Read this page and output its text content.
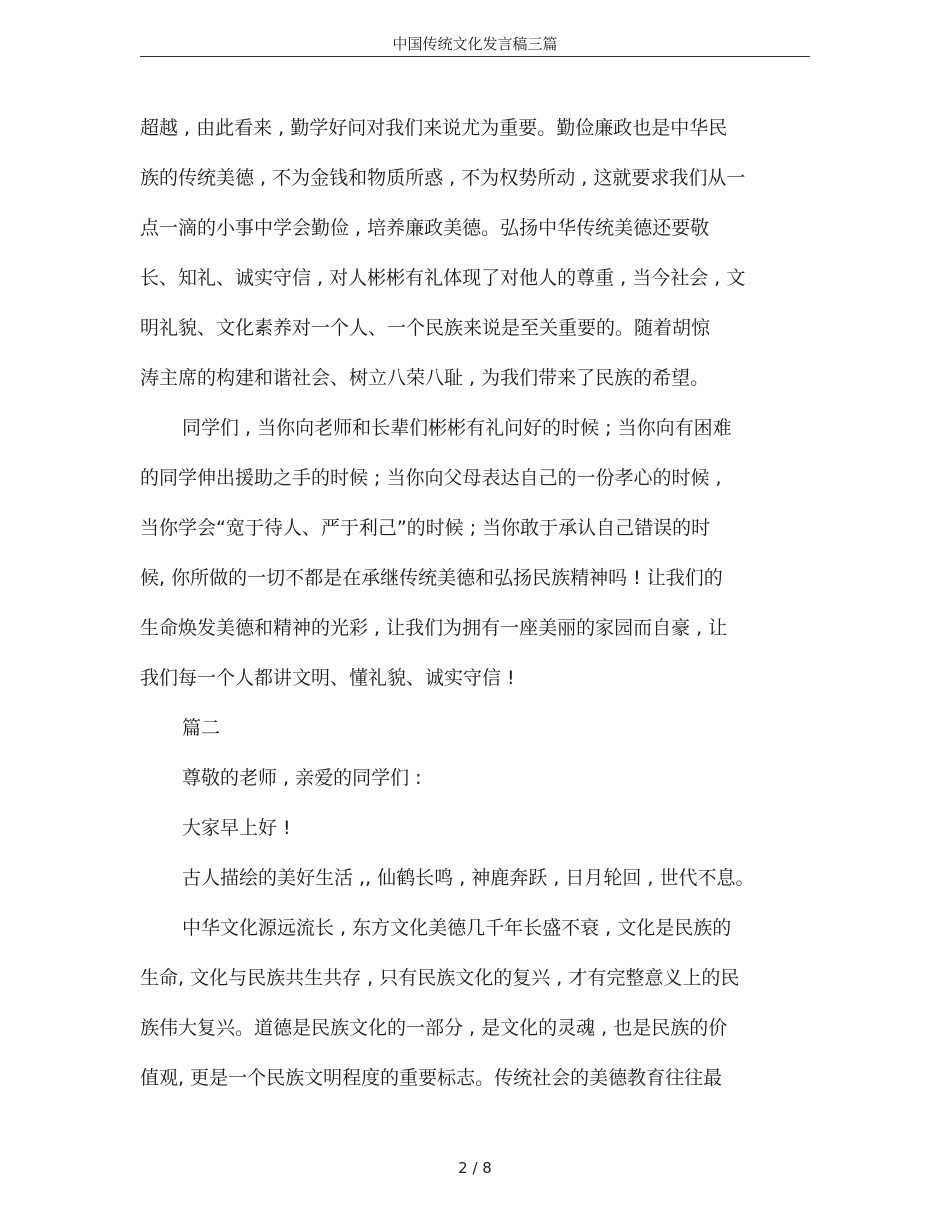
中国传统文化发言稿三篇
超越 , 由此看来 , 勤学好问对我们来说尤为重要。勤俭廉政也是中华民
族的传统美德 , 不为金钱和物质所惑 , 不为权势所动 , 这就要求我们从一
点一滴的小事中学会勤俭 , 培养廉政美德。弘扬中华传统美德还要敬
长、知礼、诚实守信 , 对人彬彬有礼体现了对他人的尊重 , 当今社会 , 文
明礼貌、文化素养对一个人、一个民族来说是至关重要的。随着胡惊
涛主席的构建和谐社会、树立八荣八耻 , 为我们带来了民族的希望。
同学们 , 当你向老师和长辈们彬彬有礼问好的时候 ; 当你向有困难
的同学伸出援助之手的时候 ; 当你向父母表达自己的一份孝心的时候 ,
当你学会“宽于待人、严于利己”的时候 ; 当你敢于承认自己错误的时
候, 你所做的一切不都是在承继传统美德和弘扬民族精神吗 ! 让我们的
生命焕发美德和精神的光彩 , 让我们为拥有一座美丽的家园而自豪 , 让
我们每一个人都讲文明、懂礼貌、诚实守信 !
篇二
尊敬的老师 , 亲爱的同学们 :
大家早上好 !
古人描绘的美好生活 ,, 仙鹤长鸣 , 神鹿奔跃 , 日月轮回 , 世代不息。
中华文化源远流长 , 东方文化美德几千年长盛不衰 , 文化是民族的
生命, 文化与民族共生共存 , 只有民族文化的复兴 , 才有完整意义上的民
族伟大复兴。道德是民族文化的一部分 , 是文化的灵魂 , 也是民族的价
值观, 更是一个民族文明程度的重要标志。传统社会的美德教育往往最
2 / 8
